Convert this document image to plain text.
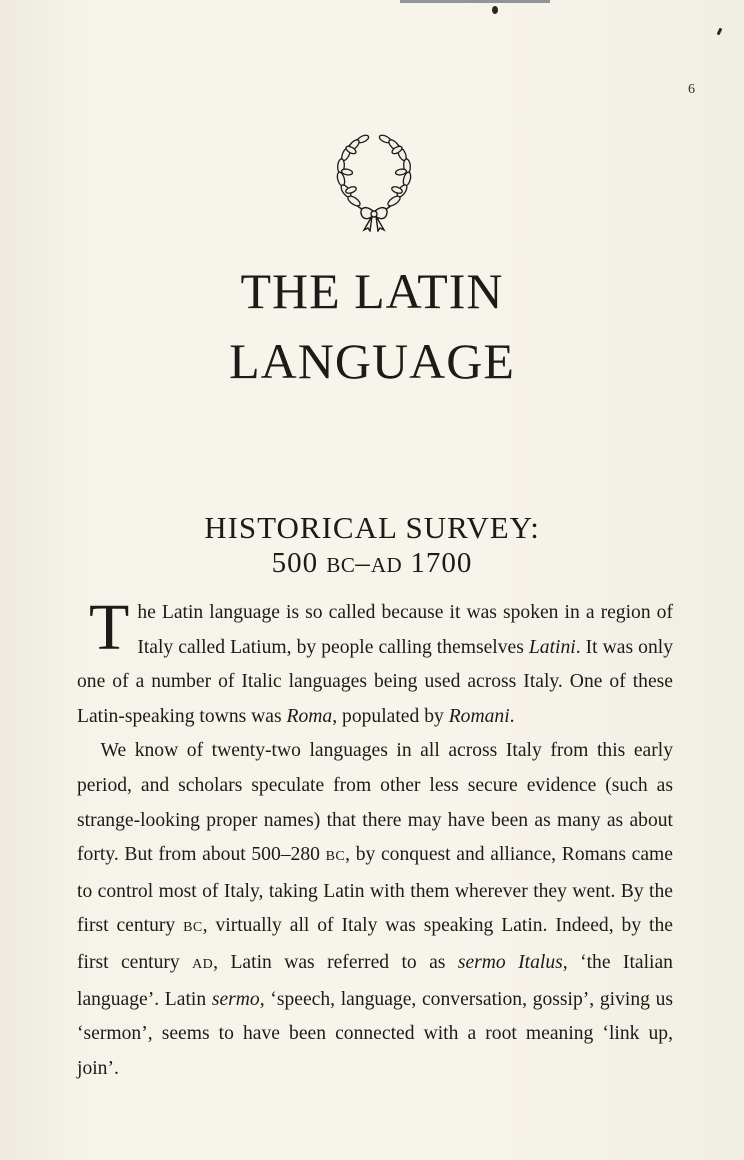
6

THE LATIN
LANGUAGE
HISTORICAL SURVEY:
500 BC–AD 1700

The Latin language is so called because it was spoken in a region of Italy called Latium, by people calling themselves Latini. It was only one of a number of Italic languages being used across Italy. One of these Latin-speaking towns was Roma, populated by Romani.

We know of twenty-two languages in all across Italy from this early period, and scholars speculate from other less secure evidence (such as strange-looking proper names) that there may have been as many as about forty. But from about 500–280 BC, by conquest and alliance, Romans came to control most of Italy, taking Latin with them wherever they went. By the first century BC, virtually all of Italy was speaking Latin. Indeed, by the first century AD, Latin was referred to as sermo Italus, ‘the Italian language’. Latin sermo, ‘speech, language, conversation, gossip’, giving us ‘sermon’, seems to have been connected with a root meaning ‘link up, join’.
